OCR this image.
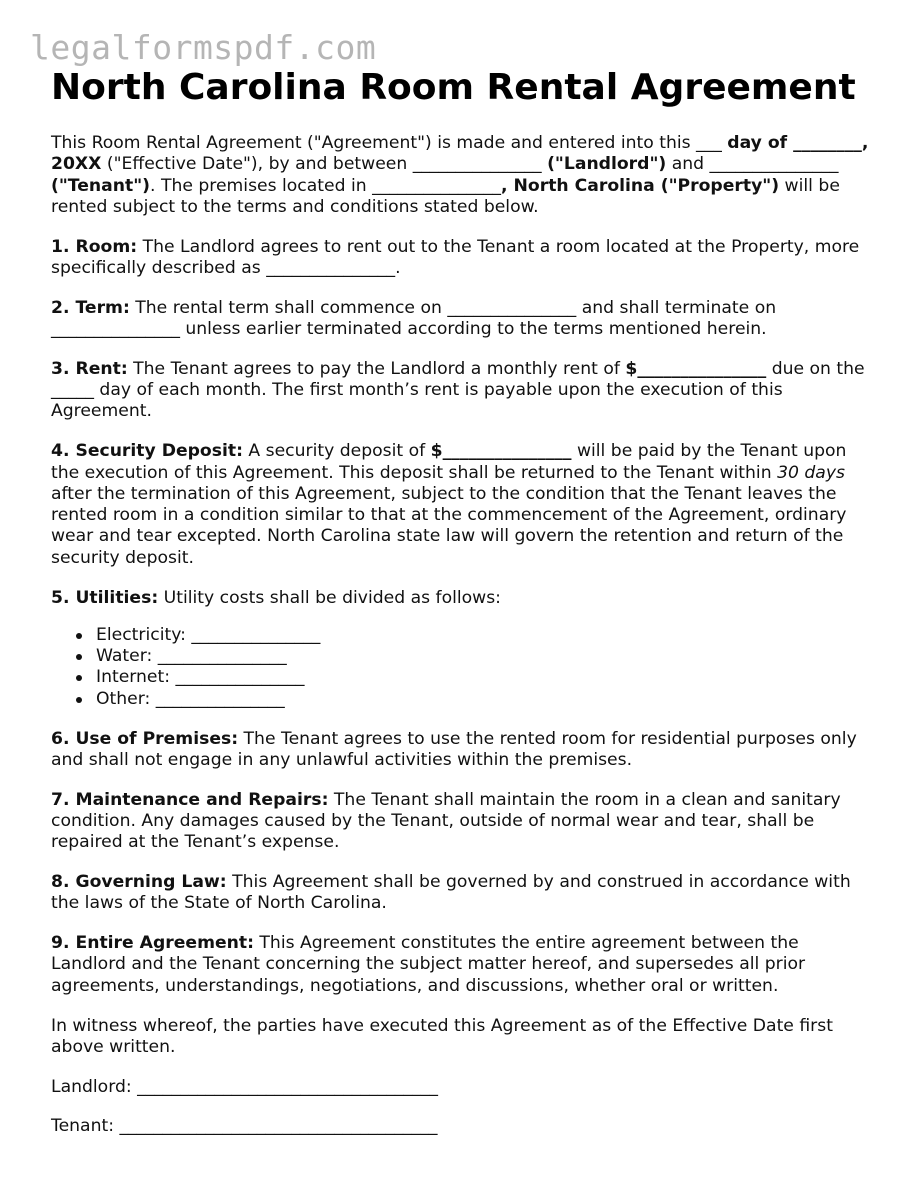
legalformspdf.com
North Carolina Room Rental Agreement

This Room Rental Agreement ("Agreement") is made and entered into this ___ day of ________, 20XX ("Effective Date"), by and between _______________ ("Landlord") and _______________ ("Tenant"). The premises located in _______________, North Carolina ("Property") will be rented subject to the terms and conditions stated below.

1. Room: The Landlord agrees to rent out to the Tenant a room located at the Property, more specifically described as _______________.

2. Term: The rental term shall commence on _______________ and shall terminate on _______________ unless earlier terminated according to the terms mentioned herein.

3. Rent: The Tenant agrees to pay the Landlord a monthly rent of $_______________ due on the _____ day of each month. The first month’s rent is payable upon the execution of this Agreement.

4. Security Deposit: A security deposit of $_______________ will be paid by the Tenant upon the execution of this Agreement. This deposit shall be returned to the Tenant within 30 days after the termination of this Agreement, subject to the condition that the Tenant leaves the rented room in a condition similar to that at the commencement of the Agreement, ordinary wear and tear excepted. North Carolina state law will govern the retention and return of the security deposit.

5. Utilities: Utility costs shall be divided as follows:

Electricity: _______________
Water: _______________
Internet: _______________
Other: _______________

6. Use of Premises: The Tenant agrees to use the rented room for residential purposes only and shall not engage in any unlawful activities within the premises.

7. Maintenance and Repairs: The Tenant shall maintain the room in a clean and sanitary condition. Any damages caused by the Tenant, outside of normal wear and tear, shall be repaired at the Tenant’s expense.

8. Governing Law: This Agreement shall be governed by and construed in accordance with the laws of the State of North Carolina.

9. Entire Agreement: This Agreement constitutes the entire agreement between the Landlord and the Tenant concerning the subject matter hereof, and supersedes all prior agreements, understandings, negotiations, and discussions, whether oral or written.

In witness whereof, the parties have executed this Agreement as of the Effective Date first above written.

Landlord: ___________________________________

Tenant: _____________________________________
